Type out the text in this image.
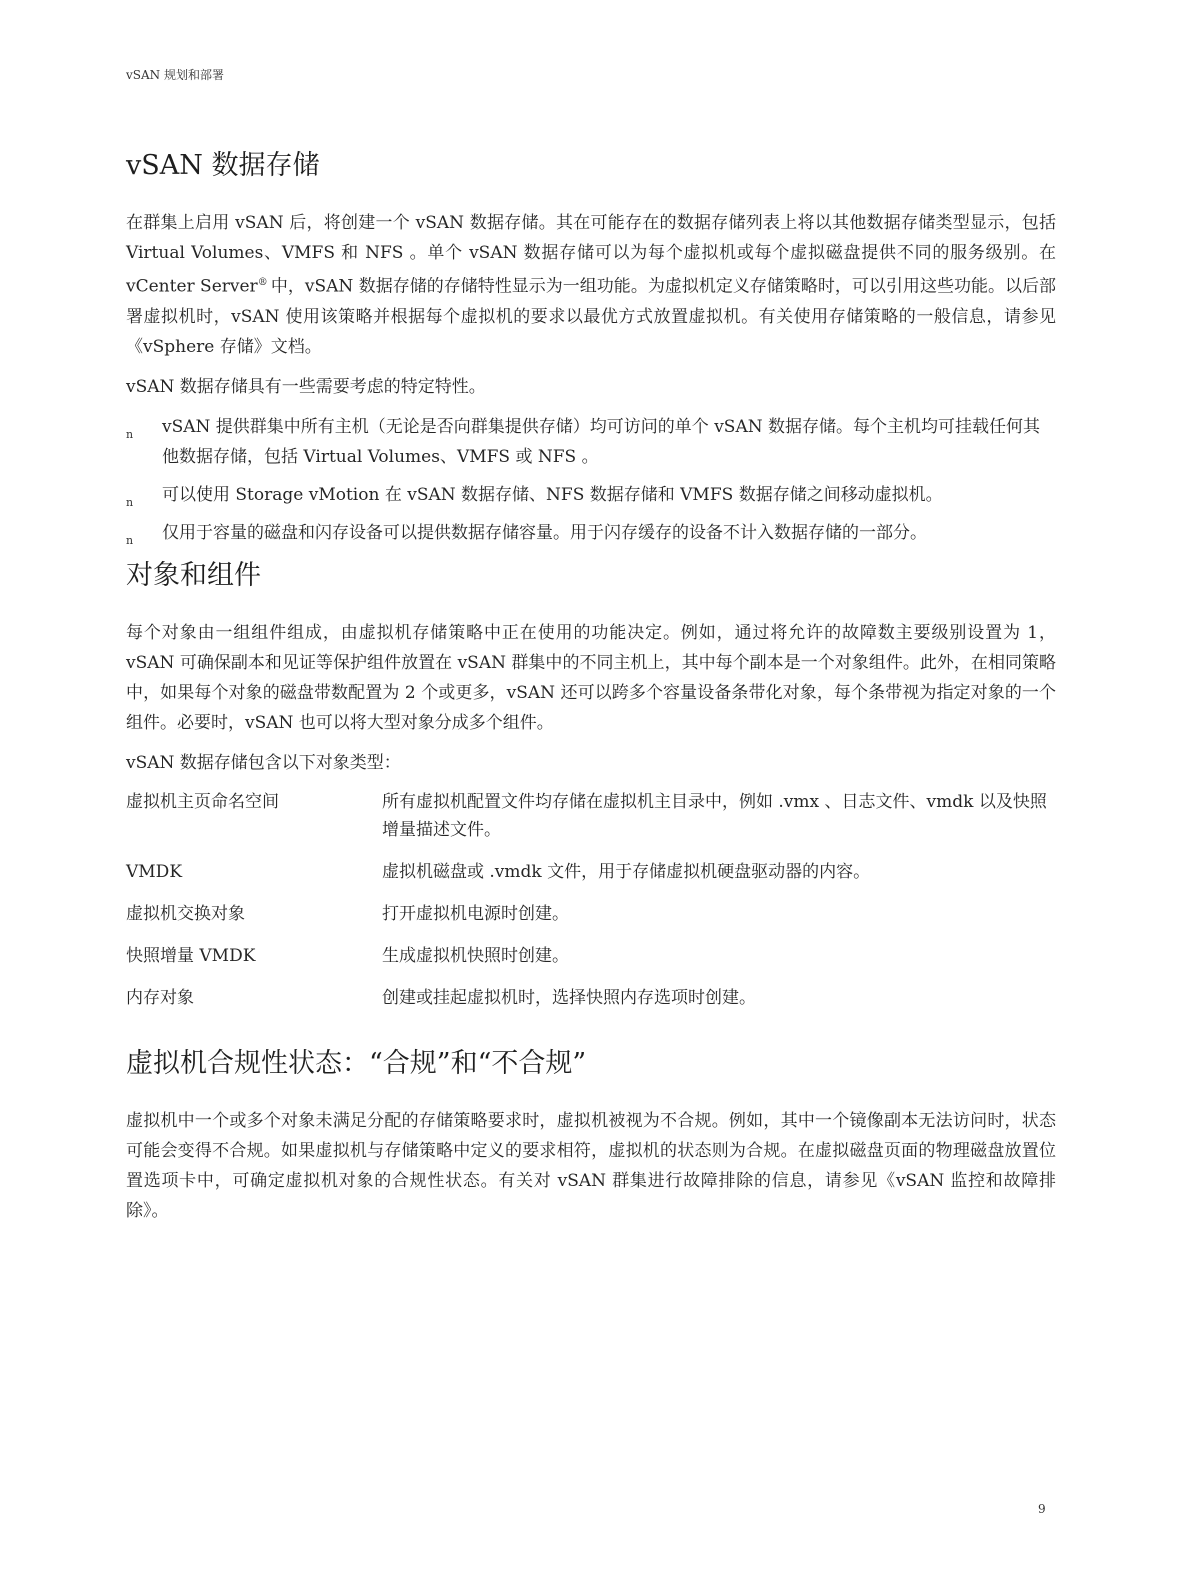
vSAN 规划和部署
vSAN 数据存储

在群集上启用 vSAN 后，将创建一个 vSAN 数据存储。其在可能存在的数据存储列表上将以其他数据存储类型显示，包括 Virtual Volumes、VMFS 和 NFS 。单个 vSAN 数据存储可以为每个虚拟机或每个虚拟磁盘提供不同的服务级别。在 vCenter Server® 中，vSAN 数据存储的存储特性显示为一组功能。为虚拟机定义存储策略时，可以引用这些功能。以后部署虚拟机时，vSAN 使用该策略并根据每个虚拟机的要求以最优方式放置虚拟机。有关使用存储策略的一般信息，请参见《vSphere 存储》文档。

vSAN 数据存储具有一些需要考虑的特定特性。

n vSAN 提供群集中所有主机（无论是否向群集提供存储）均可访问的单个 vSAN 数据存储。每个主机均可挂载任何其他数据存储，包括 Virtual Volumes、VMFS 或 NFS 。
n 可以使用 Storage vMotion 在 vSAN 数据存储、NFS 数据存储和 VMFS 数据存储之间移动虚拟机。
n 仅用于容量的磁盘和闪存设备可以提供数据存储容量。用于闪存缓存的设备不计入数据存储的一部分。
对象和组件

每个对象由一组组件组成，由虚拟机存储策略中正在使用的功能决定。例如，通过将允许的故障数主要级别设置为 1，vSAN 可确保副本和见证等保护组件放置在 vSAN 群集中的不同主机上，其中每个副本是一个对象组件。此外，在相同策略中，如果每个对象的磁盘带数配置为 2 个或更多，vSAN 还可以跨多个容量设备条带化对象，每个条带视为指定对象的一个组件。必要时，vSAN 也可以将大型对象分成多个组件。

vSAN 数据存储包含以下对象类型：

虚拟机主页命名空间	所有虚拟机配置文件均存储在虚拟机主目录中，例如 .vmx 、日志文件、vmdk 以及快照增量描述文件。
VMDK	虚拟机磁盘或 .vmdk 文件，用于存储虚拟机硬盘驱动器的内容。
虚拟机交换对象	打开虚拟机电源时创建。
快照增量 VMDK	生成虚拟机快照时创建。
内存对象	创建或挂起虚拟机时，选择快照内存选项时创建。
虚拟机合规性状态：“合规”和“不合规”

虚拟机中一个或多个对象未满足分配的存储策略要求时，虚拟机被视为不合规。例如，其中一个镜像副本无法访问时，状态可能会变得不合规。如果虚拟机与存储策略中定义的要求相符，虚拟机的状态则为合规。在虚拟磁盘页面的物理磁盘放置位置选项卡中，可确定虚拟机对象的合规性状态。有关对 vSAN 群集进行故障排除的信息，请参见《vSAN 监控和故障排除》。

9
